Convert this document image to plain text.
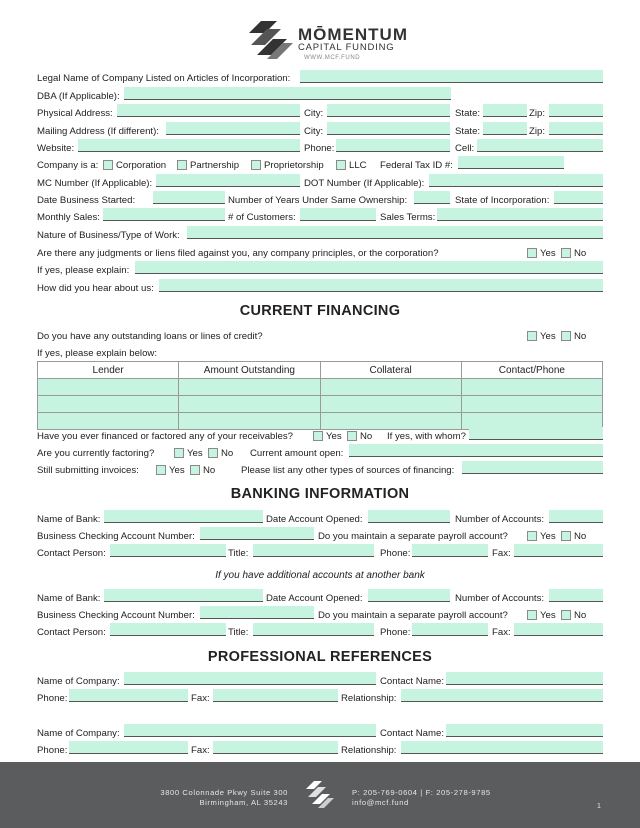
MŌMENTUM
CAPITAL FUNDING
WWW.MCF.FUND
Legal Name of Company Listed on Articles of Incorporation:
DBA (If Applicable):
Physical Address:	City:	State:	Zip:
Mailing Address (If different):	City:	State:	Zip:
Website:	Phone:	Cell:
Company is a: Corporation Partnership	Proprietorship	LLC Federal Tax ID #:
MC Number (If Applicable):	DOT Number (If Applicable):
Date Business Started:	Number of Years Under Same Ownership:	State of Incorporation:
Monthly Sales:	# of Customers:	Sales Terms:
Nature of Business/Type of Work:
Are there any judgments or liens filed against you, any company principles, or the corporation?	Yes No
If yes, please explain:
How did you hear about us:
CURRENT FINANCING
Do you have any outstanding loans or lines of credit?	Yes No
If yes, please explain below:
Lender	Amount Outstanding	Collateral	Contact/Phone

Have you ever financed or factored any of your receivables?	Yes No If yes, with whom?
Are you currently factoring?	Yes No Current amount open:
Still submitting invoices:	Yes No	Please list any other types of sources of financing:
BANKING INFORMATION
Name of Bank:	Date Account Opened:	Number of Accounts:
Business Checking Account Number:	Do you maintain a separate payroll account?	Yes No
Contact Person:	Title:	Phone:	Fax:
If you have additional accounts at another bank
Name of Bank:	Date Account Opened:	Number of Accounts:
Business Checking Account Number:	Do you maintain a separate payroll account?	Yes No
Contact Person:	Title:	Phone:	Fax:
PROFESSIONAL REFERENCES
Name of Company:	Contact Name:
Phone:	Fax:	Relationship:
Name of Company:	Contact Name:
Phone:	Fax:	Relationship:
3800 Colonnade Pkwy Suite 300
Birmingham, AL 35243
P: 205-769-0604 | F: 205-278-9785
info@mcf.fund	1
